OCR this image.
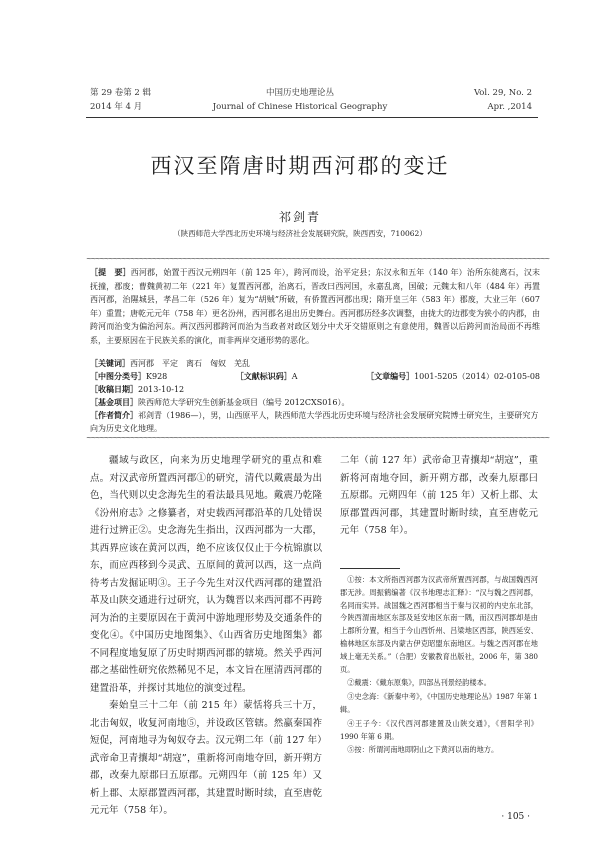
第 29 卷第 2 辑
2014 年 4 月
中国历史地理论丛
Journal of Chinese Historical Geography
Vol. 29, No. 2
Apr. ,2014
西汉至隋唐时期西河郡的变迁
祁剑青
（陕西师范大学西北历史环境与经济社会发展研究院，陕西西安，710062）
~~~~~
［提　要］西河郡，始置于西汉元朔四年（前 125 年），跨河而设，治平定县；东汉永和五年（140 年）治所东徙离石，汉末抚撞，郡废；曹魏黄初二年（221 年）复置西河郡，治离石，晋改曰西河国，永嘉乱离，国破；元魏太和八年（484 年）再置西河郡，治隰城县，孝昌二年（526 年）复为“胡贼”所破，有侨置西河郡出现；隋开皇三年（583 年）郡废，大业三年（607 年）重置；唐乾元元年（758 年）更名汾州，西河郡名退出历史舞台。西河郡历经多次调整，由拢大的边郡变为狭小的内郡，由跨河而治变为偏治河东。两汉西河郡跨河而治为当政者对政区划分中犬牙交错原则之有意使用，魏晋以后跨河而治局面不再维系，主要原因在于民族关系的演化，而非两岸交通形势的恶化。
［关键词］西河郡　平定　离石　匈奴　羌乱
［中图分类号］K928	［文献标识码］A	［文章编号］1001-5205（2014）02-0105-08
［收稿日期］2013-10-12
［基金项目］陕西师范大学研究生创新基金项目（编号 2012CXS016）。
［作者简介］祁剑青（1986—），男，山西原平人，陕西师范大学西北历史环境与经济社会发展研究院博士研究生，主要研究方向为历史文化地理。
~~~~~

疆域与政区，向来为历史地理学研究的重点和难点。对汉武帝所置西河郡①的研究，清代以戴震最为出色，当代则以史念海先生的看法最具见地。戴震乃乾隆《汾州府志》之修纂者，对史载西河郡沿革的几处错误进行过辨正②。史念海先生指出，汉西河郡为一大郡，其西界应该在黄河以西，绝不应该仅仅止于今杭锦旗以东，而应西移到今灵武、五原间的黄河以西，这一点尚待考古发掘证明③。王子今先生对汉代西河郡的建置沿革及山陕交通进行过研究，认为魏晋以来西河郡不再跨河为治的主要原因在于黄河中游地理形势及交通条件的变化④。《中国历史地图集》、《山西省历史地图集》都不同程度地复原了历史时期西河郡的辖境。然关乎西河郡之基础性研究依然稀见不足，本文旨在厘清西河郡的建置沿革，并探讨其地位的演变过程。

秦始皇三十二年（前 215 年）蒙恬将兵三十万，北击匈奴，收复河南地⑤，并设政区管辖。然嬴秦国祚短促，河南地寻为匈奴夺去。汉元朔二年（前 127 年）武帝命卫青攘却“胡寇”，重新将河南地夺回，新开朔方郡，改秦九原郡曰五原郡。元朔四年（前 125 年）又析上郡、太原郡置西河郡，其建置时断时续，直至唐乾元元年（758 年）。

二年（前 127 年）武帝命卫青攘却“胡寇”，重新将河南地夺回，新开朔方郡，改秦九原郡曰五原郡。元朔四年（前 125 年）又析上郡、太原郡置西河郡，其建置时断时续，直至唐乾元元年（758 年）。

①按：本文所指西河郡为汉武帝所置西河郡，与战国魏西河郡无涉。周振鹤编著《汉书地理志汇释》：“汉与魏之西河郡，名同而实异。战国魏之西河郡相当于秦与汉初的内史东北部，今陕西渭南地区东部及延安地区东南一隅，而汉西河郡却是由上郡所分置，相当于今山西忻州、吕梁地区西部，陕西延安、榆林地区东部及内蒙古伊克昭盟东南地区。与魏之西河郡在地域上毫无关系。”（合肥）安徽教育出版社，2006 年，第 380 页。

②戴震：《戴东原集》，四部丛刊景经韵楼本。

③史念海：《新秦中考》，《中国历史地理论丛》1987 年第 1 辑。

④王子今：《汉代西河郡建置及山陕交通》，《晋阳学刊》1990 年第 6 期。

⑤按：所谓河南地即阴山之下黄河以南的地方。

· 105 ·
